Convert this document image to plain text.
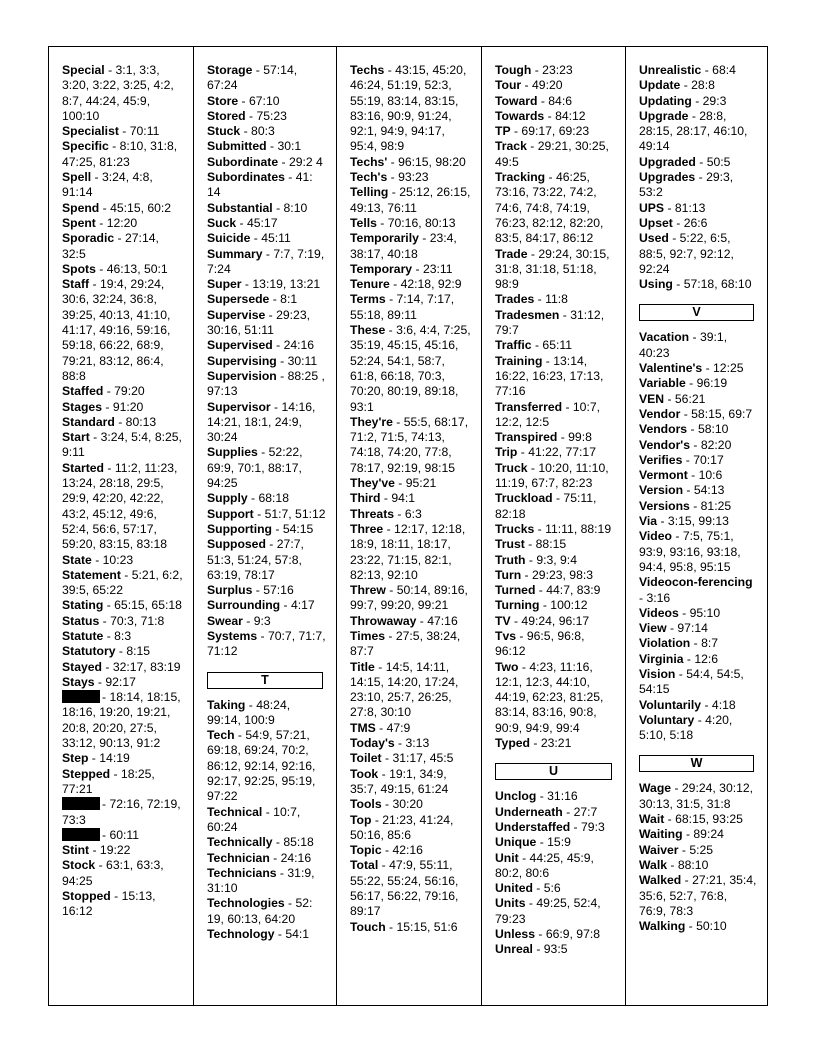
Special - 3:1, 3:3, 3:20, 3:22, 3:25, 4:2, 8:7, 44:24, 45:9, 100:10

Specialist - 70:11

Specific - 8:10, 31:8, 47:25, 81:23

Spell - 3:24, 4:8, 91:14

Spend - 45:15, 60:2

Spent - 12:20

Sporadic - 27:14, 32:5

Spots - 46:13, 50:1

Staff - 19:4, 29:24, 30:6, 32:24, 36:8, 39:25, 40:13, 41:10, 41:17, 49:16, 59:16, 59:18, 66:22, 68:9, 79:21, 83:12, 86:4, 88:8

Staffed - 79:20

Stages - 91:20

Standard - 80:13

Start - 3:24, 5:4, 8:25, 9:11

Started - 11:2, 11:23, 13:24, 28:18, 29:5, 29:9, 42:20, 42:22, 43:2, 45:12, 49:6, 52:4, 56:6, 57:17, 59:20, 83:15, 83:18

State - 10:23

Statement - 5:21, 6:2, 39:5, 65:22

Stating - 65:15, 65:18

Status - 70:3, 71:8

Statute - 8:3

Statutory - 8:15

Stayed - 32:17, 83:19

Stays - 92:17

- 18:14, 18:15, 18:16, 19:20, 19:21, 20:8, 20:20, 27:5, 33:12, 90:13, 91:2

Step - 14:19

Stepped - 18:25, 77:21

- 72:16, 72:19, 73:3

- 60:11

Stint - 19:22

Stock - 63:1, 63:3, 94:25

Stopped - 15:13, 16:12

Storage - 57:14, 67:24

Store - 67:10

Stored - 75:23

Stuck - 80:3

Submitted - 30:1

Subordinate - 29:2 4

Subordinates - 41: 14

Substantial - 8:10

Suck - 45:17

Suicide - 45:11

Summary - 7:7, 7:19, 7:24

Super - 13:19, 13:21

Supersede - 8:1

Supervise - 29:23, 30:16, 51:11

Supervised - 24:16

Supervising - 30:11

Supervision - 88:25 , 97:13

Supervisor - 14:16, 14:21, 18:1, 24:9, 30:24

Supplies - 52:22, 69:9, 70:1, 88:17, 94:25

Supply - 68:18

Support - 51:7, 51:12

Supporting - 54:15

Supposed - 27:7, 51:3, 51:24, 57:8, 63:19, 78:17

Surplus - 57:16

Surrounding - 4:17

Swear - 9:3

Systems - 70:7, 71:7, 71:12

T

Taking - 48:24, 99:14, 100:9

Tech - 54:9, 57:21, 69:18, 69:24, 70:2, 86:12, 92:14, 92:16, 92:17, 92:25, 95:19, 97:22

Technical - 10:7, 60:24

Technically - 85:18

Technician - 24:16

Technicians - 31:9, 31:10

Technologies - 52: 19, 60:13, 64:20

Technology - 54:1

Techs - 43:15, 45:20, 46:24, 51:19, 52:3, 55:19, 83:14, 83:15, 83:16, 90:9, 91:24, 92:1, 94:9, 94:17, 95:4, 98:9

Techs' - 96:15, 98:20

Tech's - 93:23

Telling - 25:12, 26:15, 49:13, 76:11

Tells - 70:16, 80:13

Temporarily - 23:4, 38:17, 40:18

Temporary - 23:11

Tenure - 42:18, 92:9

Terms - 7:14, 7:17, 55:18, 89:11

These - 3:6, 4:4, 7:25, 35:19, 45:15, 45:16, 52:24, 54:1, 58:7, 61:8, 66:18, 70:3, 70:20, 80:19, 89:18, 93:1

They're - 55:5, 68:17, 71:2, 71:5, 74:13, 74:18, 74:20, 77:8, 78:17, 92:19, 98:15

They've - 95:21

Third - 94:1

Threats - 6:3

Three - 12:17, 12:18, 18:9, 18:11, 18:17, 23:22, 71:15, 82:1, 82:13, 92:10

Threw - 50:14, 89:16, 99:7, 99:20, 99:21

Throwaway - 47:16

Times - 27:5, 38:24, 87:7

Title - 14:5, 14:11, 14:15, 14:20, 17:24, 23:10, 25:7, 26:25, 27:8, 30:10

TMS - 47:9

Today's - 3:13

Toilet - 31:17, 45:5

Took - 19:1, 34:9, 35:7, 49:15, 61:24

Tools - 30:20

Top - 21:23, 41:24, 50:16, 85:6

Topic - 42:16

Total - 47:9, 55:11, 55:22, 55:24, 56:16, 56:17, 56:22, 79:16, 89:17

Touch - 15:15, 51:6

Tough - 23:23

Tour - 49:20

Toward - 84:6

Towards - 84:12

TP - 69:17, 69:23

Track - 29:21, 30:25, 49:5

Tracking - 46:25, 73:16, 73:22, 74:2, 74:6, 74:8, 74:19, 76:23, 82:12, 82:20, 83:5, 84:17, 86:12

Trade - 29:24, 30:15, 31:8, 31:18, 51:18, 98:9

Trades - 11:8

Tradesmen - 31:12, 79:7

Traffic - 65:11

Training - 13:14, 16:22, 16:23, 17:13, 77:16

Transferred - 10:7, 12:2, 12:5

Transpired - 99:8

Trip - 41:22, 77:17

Truck - 10:20, 11:10, 11:19, 67:7, 82:23

Truckload - 75:11, 82:18

Trucks - 11:11, 88:19

Trust - 88:15

Truth - 9:3, 9:4

Turn - 29:23, 98:3

Turned - 44:7, 83:9

Turning - 100:12

TV - 49:24, 96:17

Tvs - 96:5, 96:8, 96:12

Two - 4:23, 11:16, 12:1, 12:3, 44:10, 44:19, 62:23, 81:25, 83:14, 83:16, 90:8, 90:9, 94:9, 99:4

Typed - 23:21

U

Unclog - 31:16

Underneath - 27:7

Understaffed - 79:3

Unique - 15:9

Unit - 44:25, 45:9, 80:2, 80:6

United - 5:6

Units - 49:25, 52:4, 79:23

Unless - 66:9, 97:8

Unreal - 93:5

Unrealistic - 68:4

Update - 28:8

Updating - 29:3

Upgrade - 28:8, 28:15, 28:17, 46:10, 49:14

Upgraded - 50:5

Upgrades - 29:3, 53:2

UPS - 81:13

Upset - 26:6

Used - 5:22, 6:5, 88:5, 92:7, 92:12, 92:24

Using - 57:18, 68:10

V

Vacation - 39:1, 40:23

Valentine's - 12:25

Variable - 96:19

VEN - 56:21

Vendor - 58:15, 69:7

Vendors - 58:10

Vendor's - 82:20

Verifies - 70:17

Vermont - 10:6

Version - 54:13

Versions - 81:25

Via - 3:15, 99:13

Video - 7:5, 75:1, 93:9, 93:16, 93:18, 94:4, 95:8, 95:15

Videocon-ferencing - 3:16

Videos - 95:10

View - 97:14

Violation - 8:7

Virginia - 12:6

Vision - 54:4, 54:5, 54:15

Voluntarily - 4:18

Voluntary - 4:20, 5:10, 5:18

W

Wage - 29:24, 30:12, 30:13, 31:5, 31:8

Wait - 68:15, 93:25

Waiting - 89:24

Waiver - 5:25

Walk - 88:10

Walked - 27:21, 35:4, 35:6, 52:7, 76:8, 76:9, 78:3

Walking - 50:10
